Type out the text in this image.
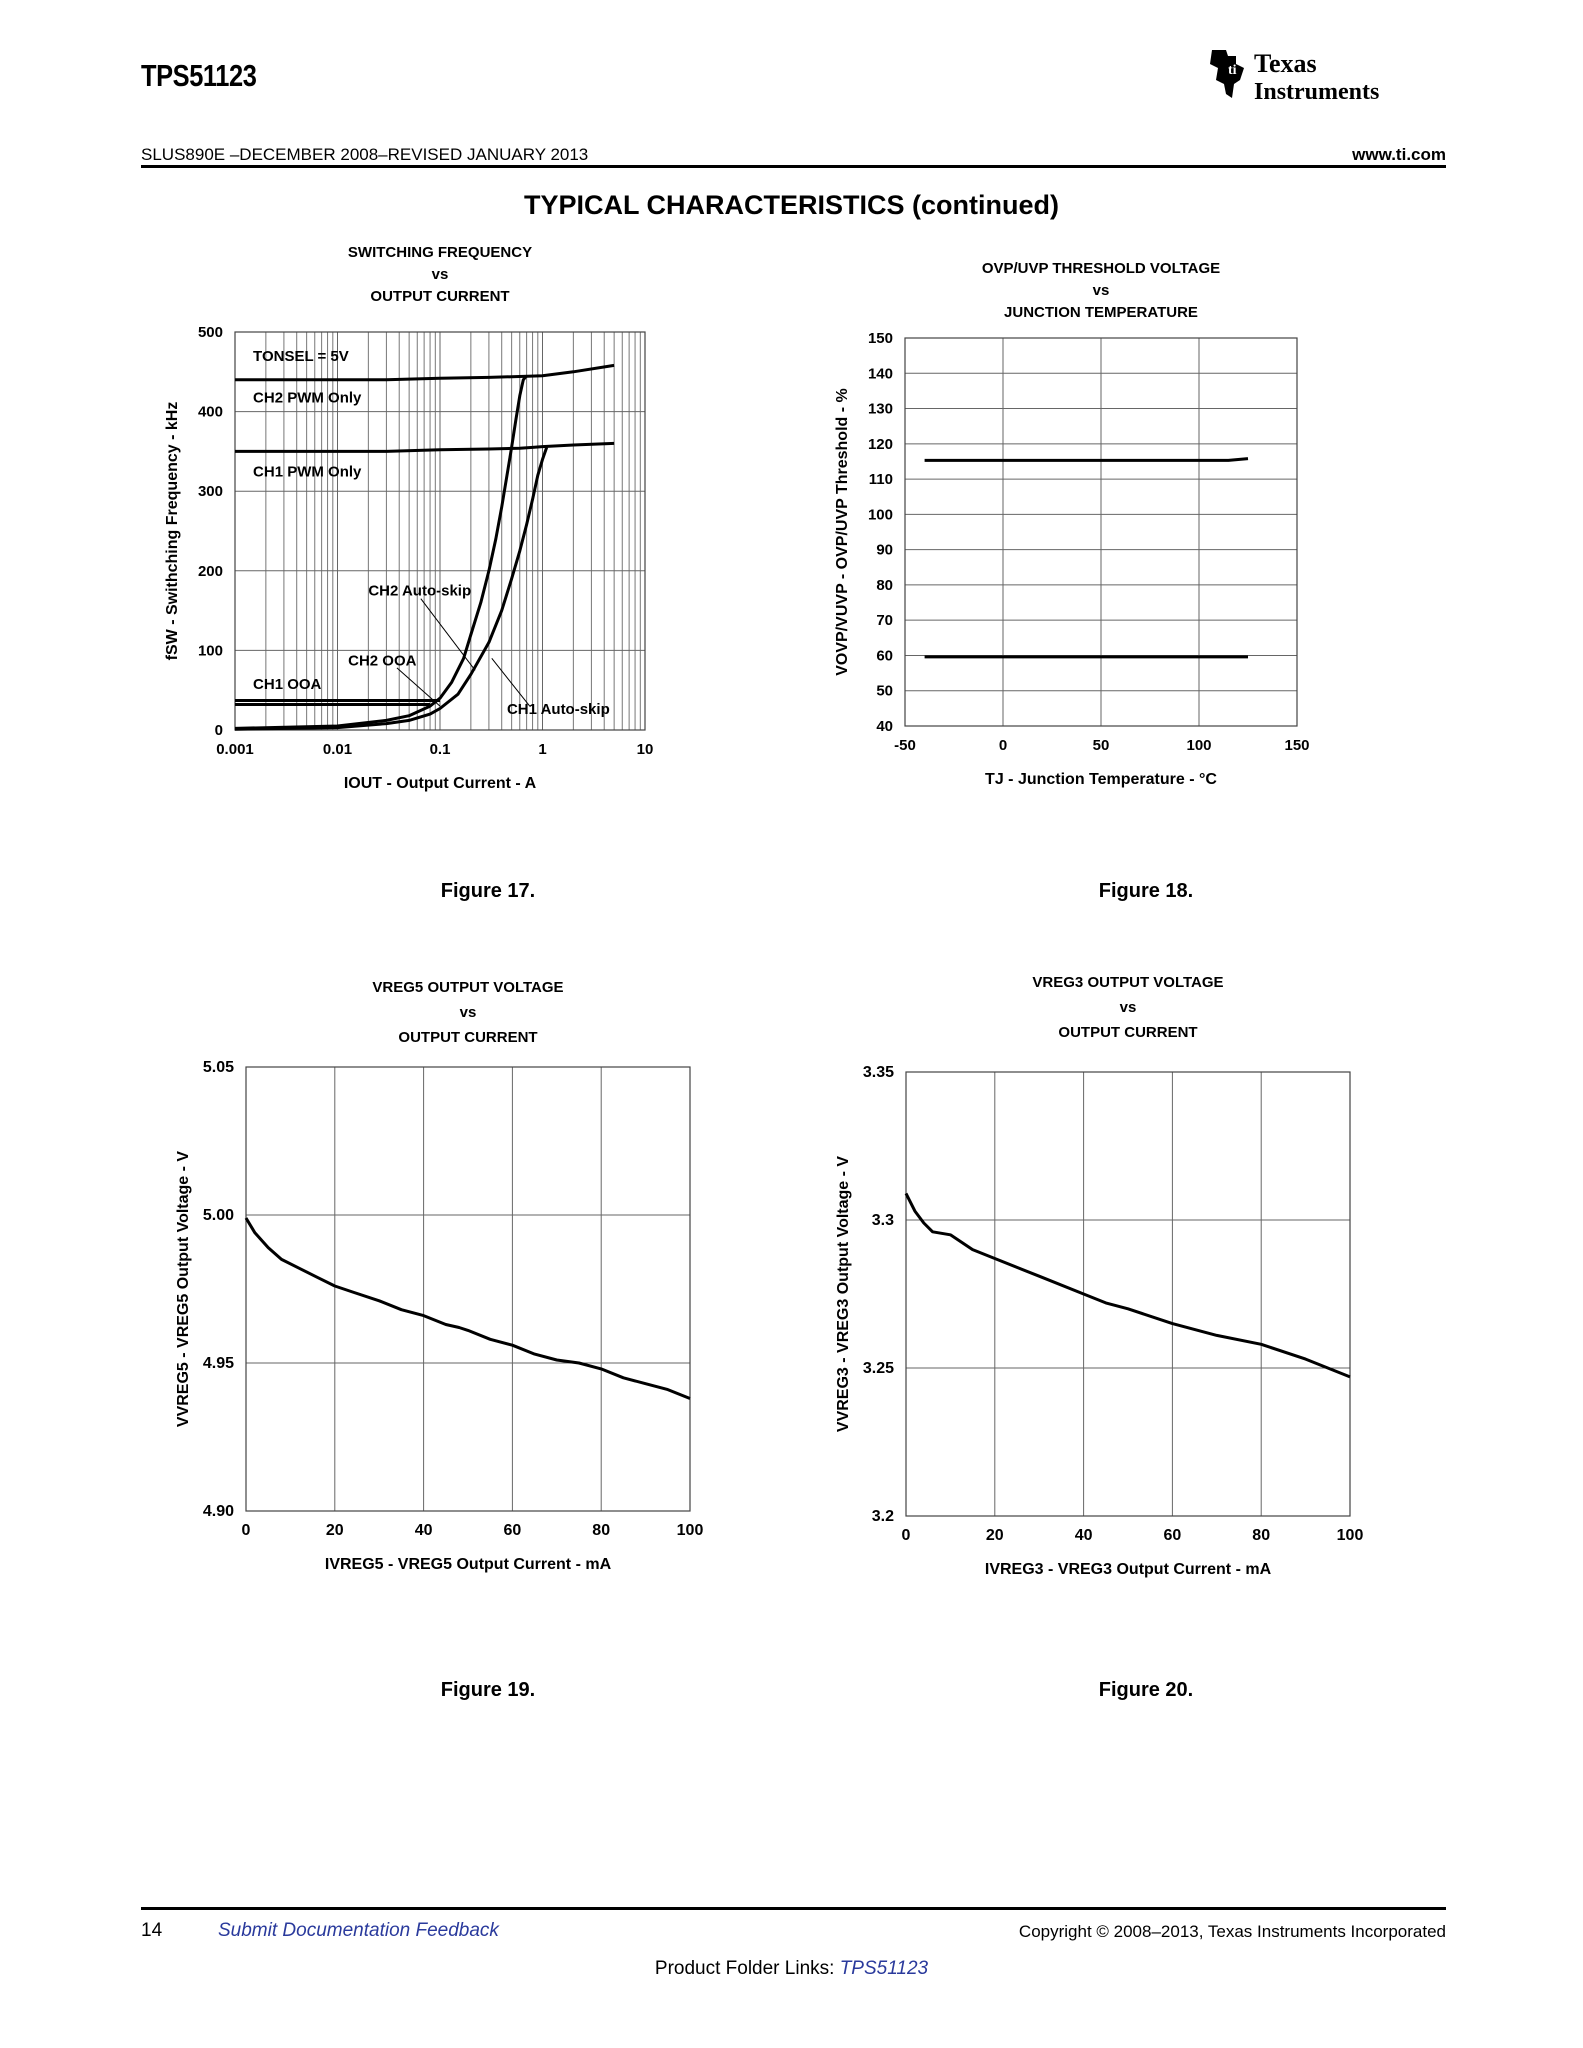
TPS51123	ti Texas
Instruments
SLUS890E –DECEMBER 2008–REVISED JANUARY 2013	www.ti.com
TYPICAL CHARACTERISTICS (continued)
SWITCHING FREQUENCY
vs
OUTPUT CURRENT
0.001	0.01	0.1	1	10
0
100
200
300
400
500
IOUT - Output Current - A
fSW - Swithching Frequency - kHz
TONSEL = 5V
CH2 PWM Only
CH1 PWM Only
CH2 Auto-skip
CH2 OOA
CH1 OOA
CH1 Auto-skip
OVP/UVP THRESHOLD VOLTAGE
vs
JUNCTION TEMPERATURE
-50	0	50	100	150
40
50
60
70
80
90
100
110
120
130
140
150
TJ - Junction Temperature - °C
VOVP/VUVP - OVP/UVP Threshold - %
VREG5 OUTPUT VOLTAGE
vs
OUTPUT CURRENT
0	20	40	60	80	100
4.90
4.95
5.00
5.05
IVREG5 - VREG5 Output Current - mA
VVREG5 - VREG5 Output Voltage - V
VREG3 OUTPUT VOLTAGE
vs
OUTPUT CURRENT
0	20	40	60	80	100
3.2
3.25
3.3
3.35
IVREG3 - VREG3 Output Current - mA
VVREG3 - VREG3 Output Voltage - V
Figure 17.	Figure 18.
Figure 19.	Figure 20.
14	Submit Documentation Feedback	Copyright © 2008–2013, Texas Instruments Incorporated
Product Folder Links: TPS51123
